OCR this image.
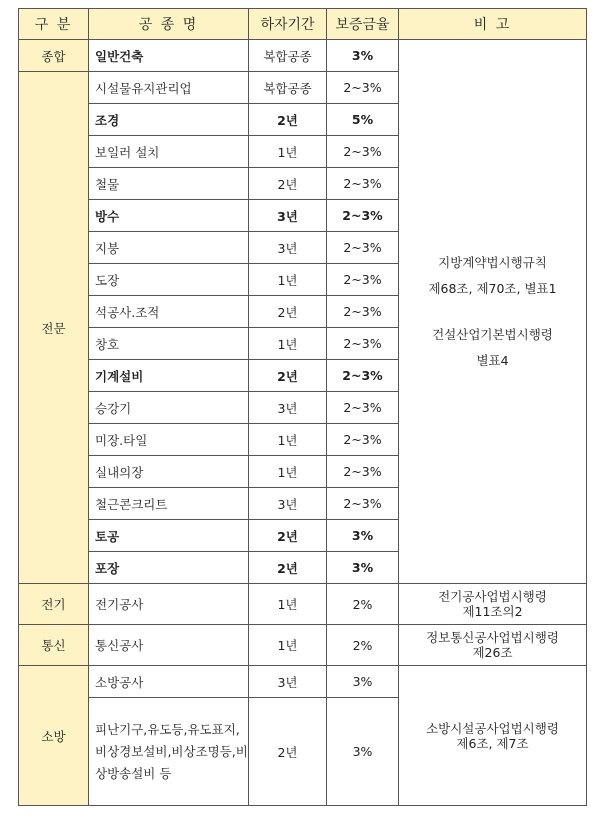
구 분	공 종 명	하자기간	보증금율	비 고
종합	일반건축	복합공종	3%	지방계약법시행규칙
제68조, 제70조, 별표1
건설산업기본법시행령
별표4

전문	시설물유지관리업	복합공종	2~3%	
	조경	2년	5%	
	보일러 설치	1년	2~3%	
	철물	2년	2~3%	
	방수	3년	2~3%	
	지붕	3년	2~3%	
	도장	1년	2~3%	
	석공사.조적	2년	2~3%	
	창호	1년	2~3%	
	기계설비	2년	2~3%	
	승강기	3년	2~3%	
	미장.타일	1년	2~3%	
	실내의장	1년	2~3%	
	철근콘크리트	3년	2~3%	
	토공	2년	3%	
	포장	2년	3%	
전기	전기공사	1년	2%	전기공사업법시행령
제11조의2

통신	통신공사	1년	2%	정보통신공사업법시행령
제26조

소방	소방공사	3년	3%	소방시설공사업법시행령
제6조, 제7조

	피난기구,유도등,유도표지,비상경보설비,비상조명등,비상방송설비 등	2년	3%	
